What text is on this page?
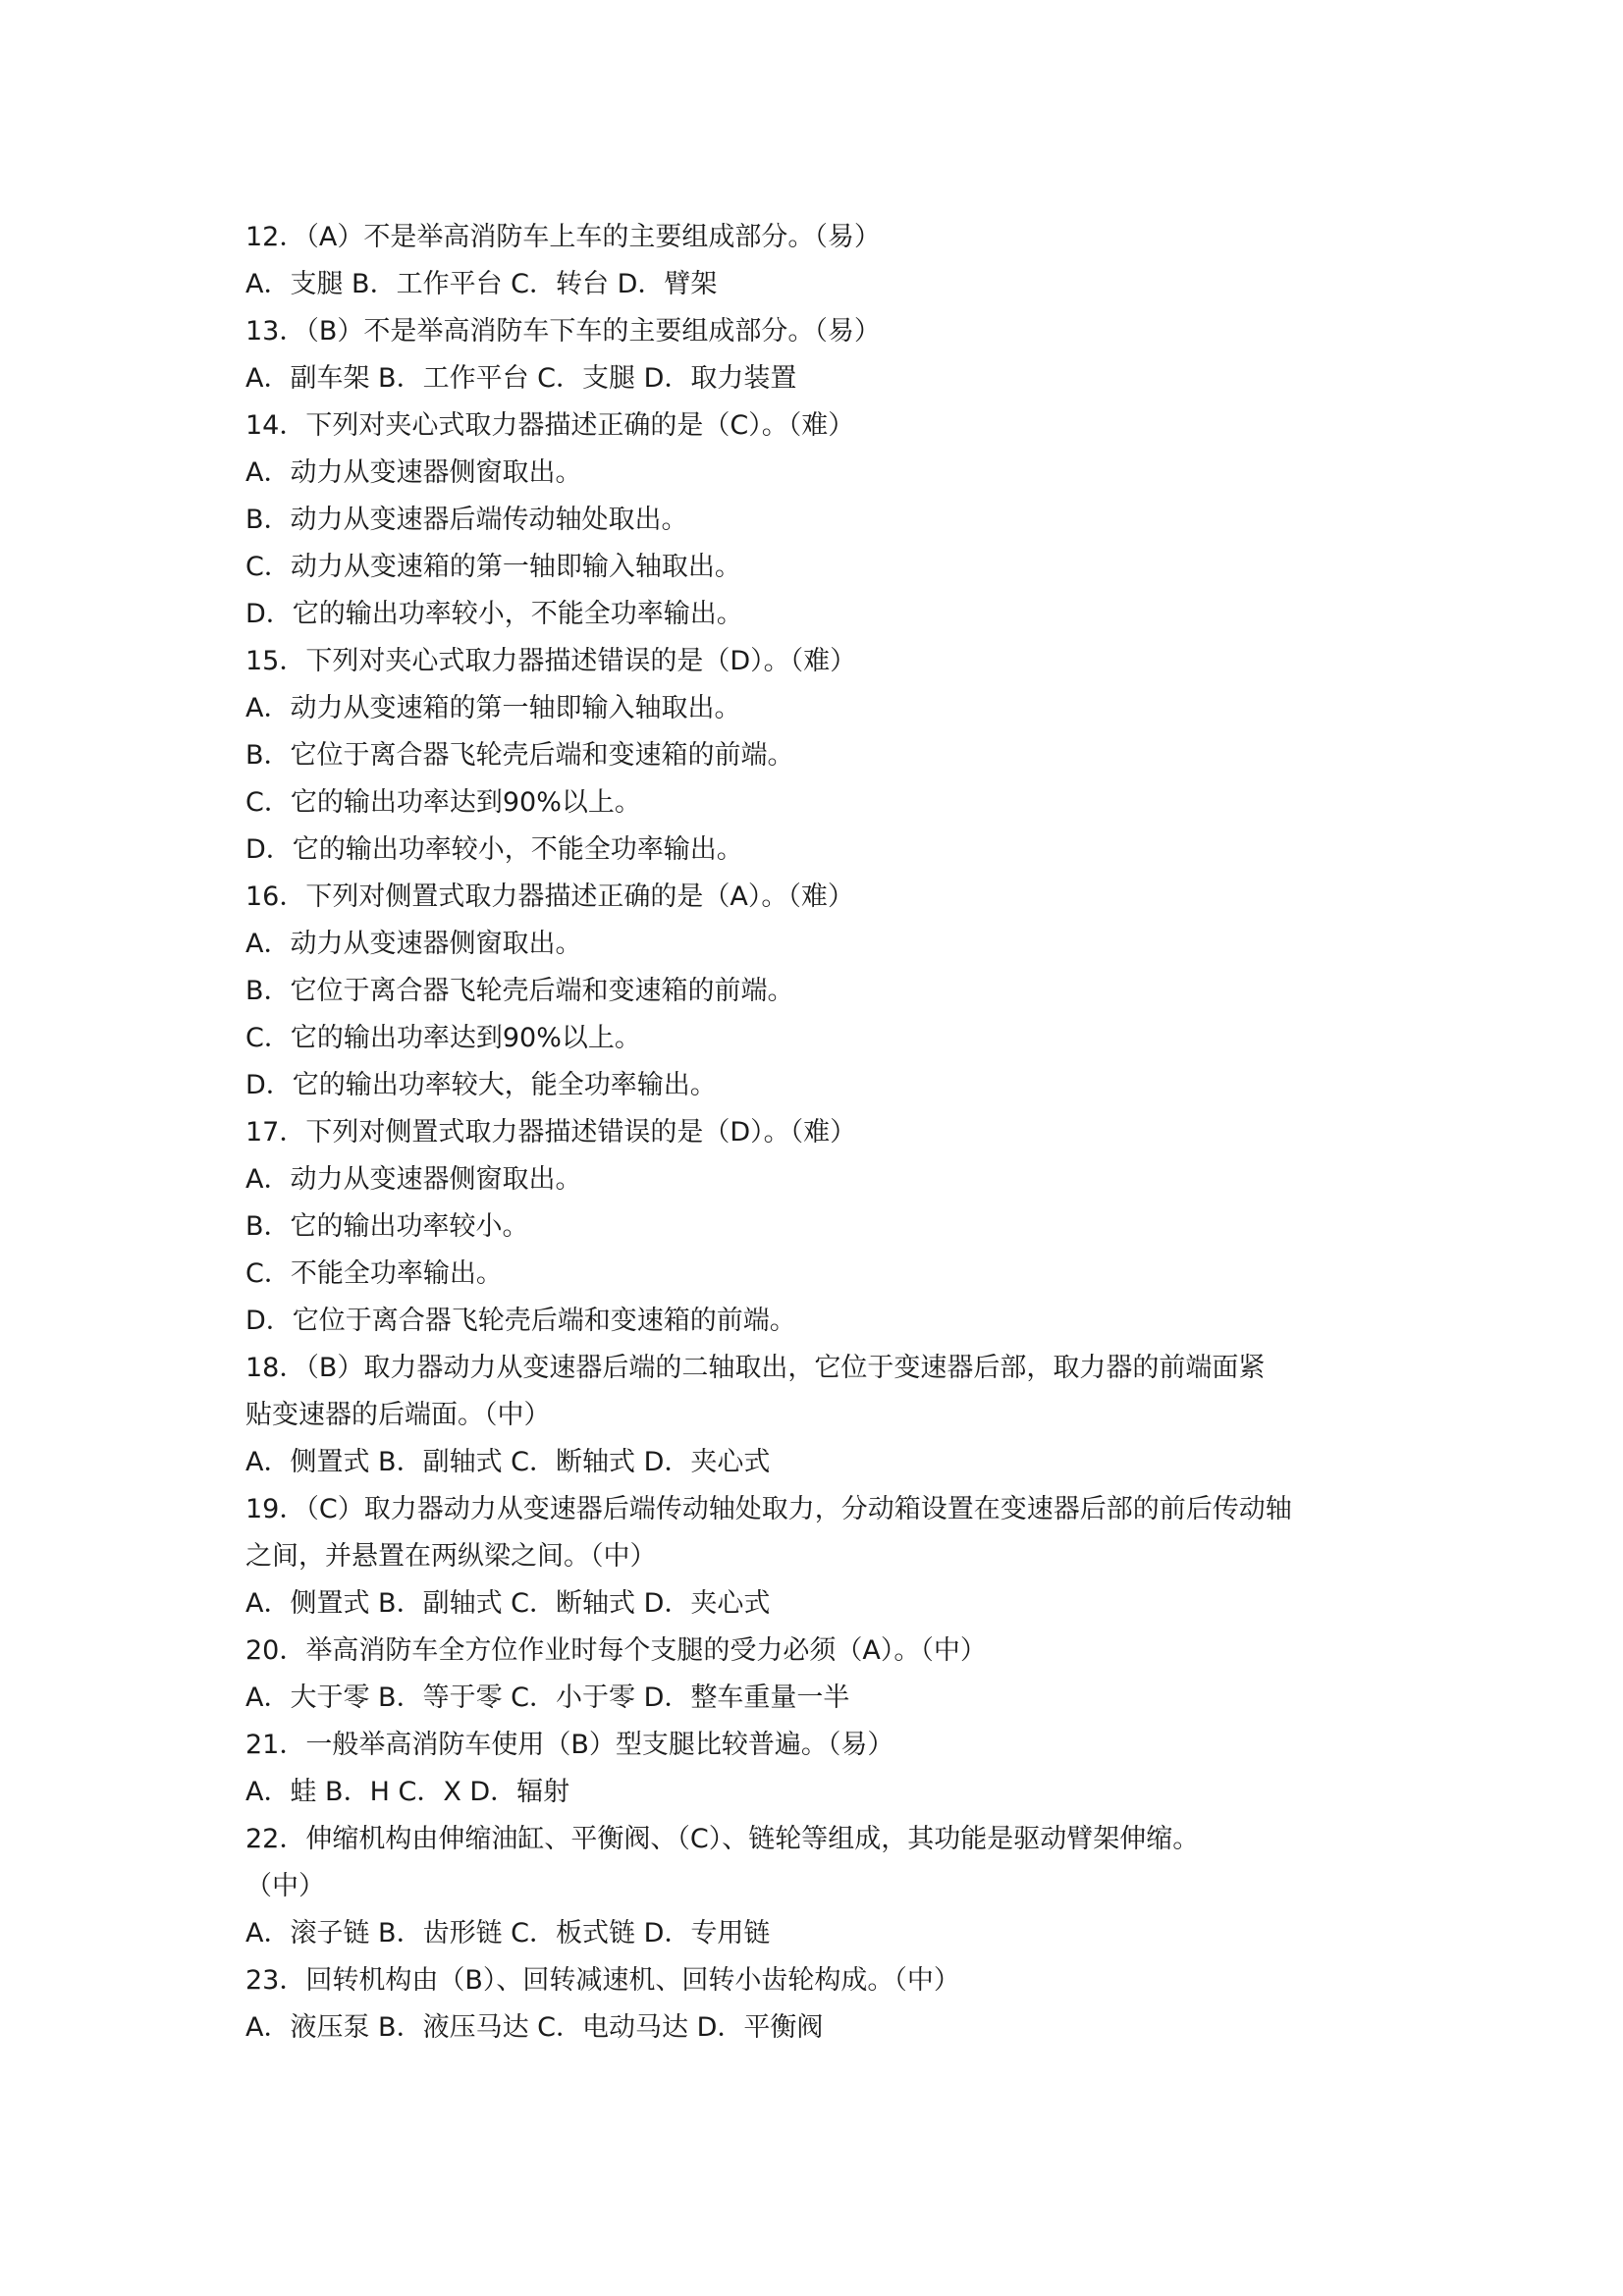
12．（A）不是举高消防车上车的主要组成部分。（易）
A．支腿 B．工作平台 C．转台 D．臂架
13．（B）不是举高消防车下车的主要组成部分。（易）
A．副车架 B．工作平台 C．支腿 D．取力装置
14．下列对夹心式取力器描述正确的是（C）。（难）
A．动力从变速器侧窗取出。
B．动力从变速器后端传动轴处取出。
C．动力从变速箱的第一轴即输入轴取出。
D．它的输出功率较小，不能全功率输出。
15．下列对夹心式取力器描述错误的是（D）。（难）
A．动力从变速箱的第一轴即输入轴取出。
B．它位于离合器飞轮壳后端和变速箱的前端。
C．它的输出功率达到90%以上。
D．它的输出功率较小，不能全功率输出。
16．下列对侧置式取力器描述正确的是（A）。（难）
A．动力从变速器侧窗取出。
B．它位于离合器飞轮壳后端和变速箱的前端。
C．它的输出功率达到90%以上。
D．它的输出功率较大，能全功率输出。
17．下列对侧置式取力器描述错误的是（D）。（难）
A．动力从变速器侧窗取出。
B．它的输出功率较小。
C．不能全功率输出。
D．它位于离合器飞轮壳后端和变速箱的前端。
18．（B）取力器动力从变速器后端的二轴取出，它位于变速器后部，取力器的前端面紧
贴变速器的后端面。（中）
A．侧置式 B．副轴式 C．断轴式 D．夹心式
19．（C）取力器动力从变速器后端传动轴处取力，分动箱设置在变速器后部的前后传动轴
之间，并悬置在两纵梁之间。（中）
A．侧置式 B．副轴式 C．断轴式 D．夹心式
20．举高消防车全方位作业时每个支腿的受力必须（A）。（中）
A．大于零 B．等于零 C．小于零 D．整车重量一半
21．一般举高消防车使用（B）型支腿比较普遍。（易）
A．蛙 B．H C．X D．辐射
22．伸缩机构由伸缩油缸、平衡阀、（C）、链轮等组成，其功能是驱动臂架伸缩。
（中）
A．滚子链 B．齿形链 C．板式链 D．专用链
23．回转机构由（B）、回转减速机、回转小齿轮构成。（中）
A．液压泵 B．液压马达 C．电动马达 D．平衡阀
